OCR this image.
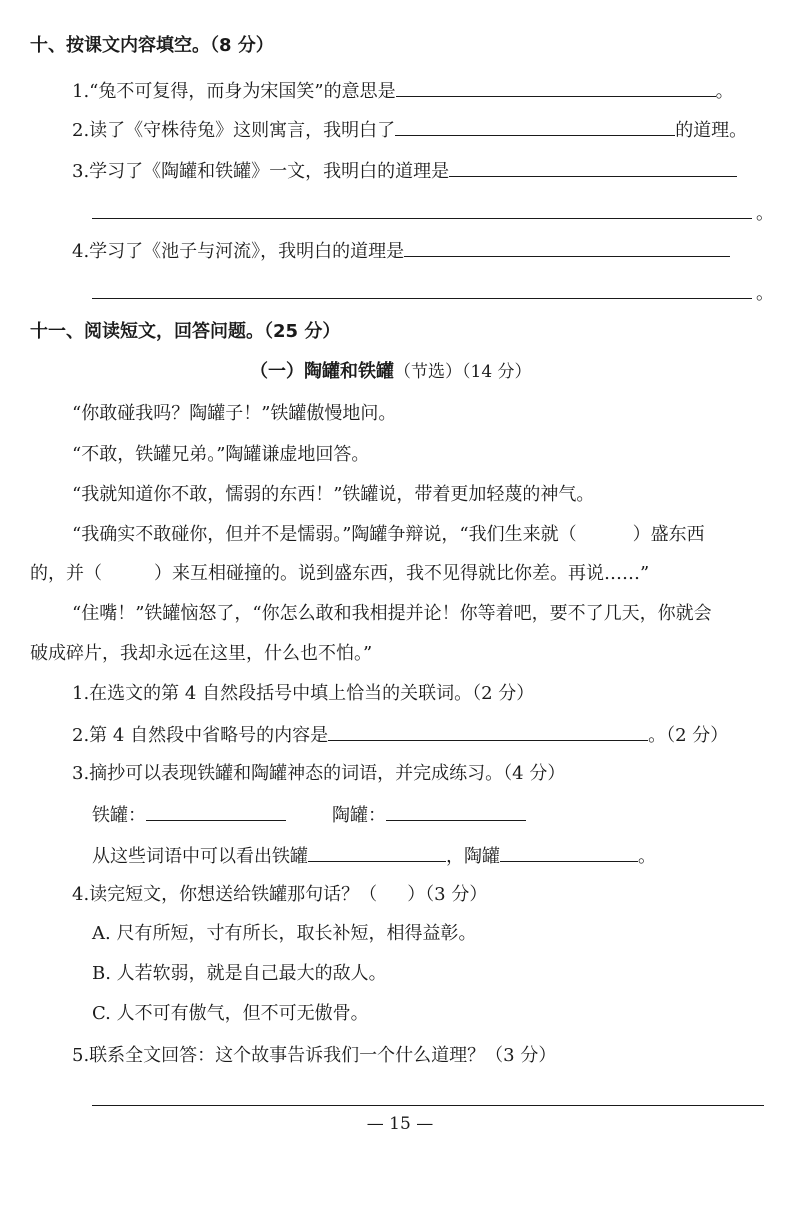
十、按课文内容填空。（8 分）
1.“兔不可复得，而身为宋国笑”的意思是	。
2.读了《守株待兔》这则寓言，我明白了	的道理。
3.学习了《陶罐和铁罐》一文，我明白的道理是
。
4.学习了《池子与河流》，我明白的道理是
。
十一、阅读短文，回答问题。（25 分）
（一）陶罐和铁罐（节选）（14 分）
“你敢碰我吗？陶罐子！”铁罐傲慢地问。
“不敢，铁罐兄弟。”陶罐谦虚地回答。
“我就知道你不敢，懦弱的东西！”铁罐说，带着更加轻蔑的神气。
“我确实不敢碰你，但并不是懦弱。”陶罐争辩说，“我们生来就（	）盛东西
的，并（	）来互相碰撞的。说到盛东西，我不见得就比你差。再说……”
“住嘴！”铁罐恼怒了，“你怎么敢和我相提并论！你等着吧，要不了几天，你就会
破成碎片，我却永远在这里，什么也不怕。”
1.在选文的第 4 自然段括号中填上恰当的关联词。（2 分）
2.第 4 自然段中省略号的内容是	。（2 分）
3.摘抄可以表现铁罐和陶罐神态的词语，并完成练习。（4 分）
铁罐：	陶罐：
从这些词语中可以看出铁罐	，陶罐	。
4.读完短文，你想送给铁罐那句话？（ ）（3 分）
A. 尺有所短，寸有所长，取长补短，相得益彰。
B. 人若软弱，就是自己最大的敌人。
C. 人不可有傲气，但不可无傲骨。
5.联系全文回答：这个故事告诉我们一个什么道理？（3 分）
— 15 —
